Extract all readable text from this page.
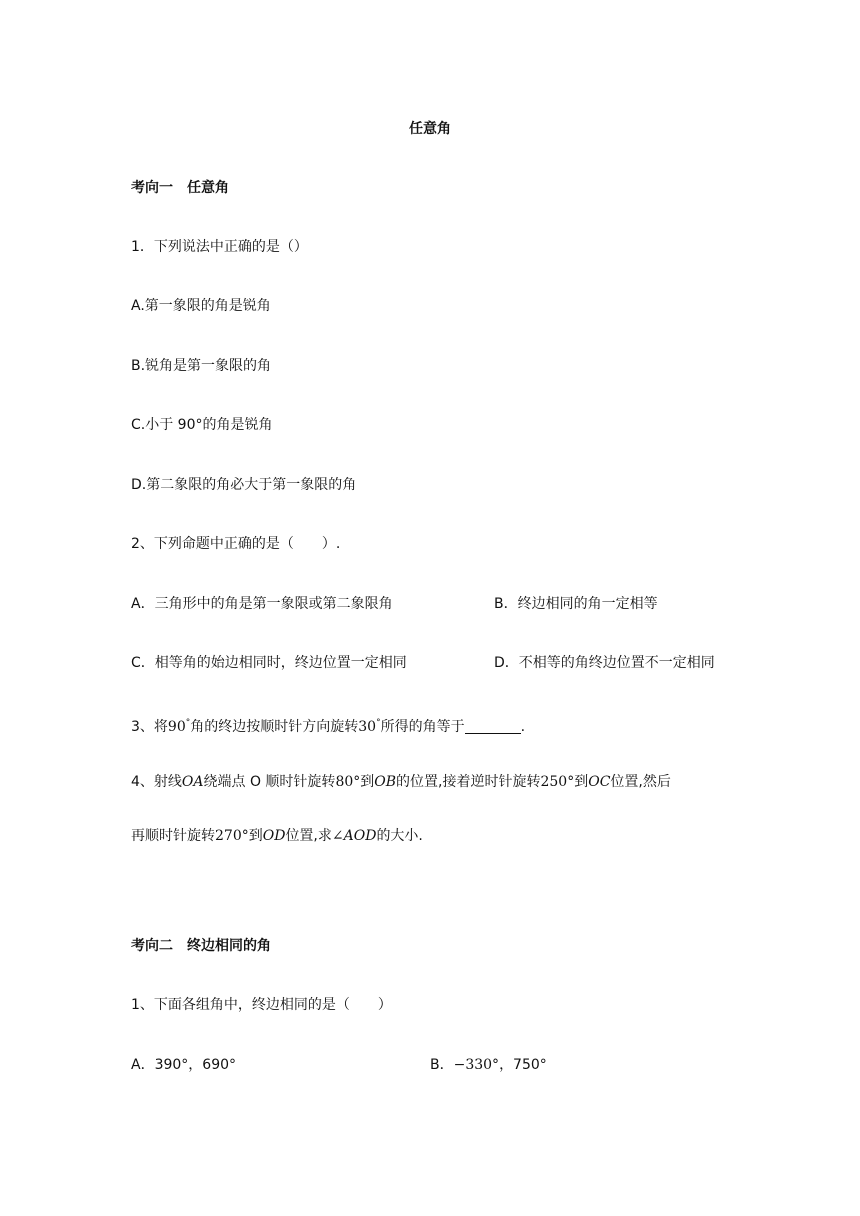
任意角
考向一　任意角
1．下列说法中正确的是（）
A.第一象限的角是锐角
B.锐角是第一象限的角
C.小于 90°的角是锐角
D.第二象限的角必大于第一象限的角
2、下列命题中正确的是（　　）.
A．三角形中的角是第一象限或第二象限角	B．终边相同的角一定相等
C．相等角的始边相同时，终边位置一定相同	D．不相等的角终边位置不一定相同
3、将90°角的终边按顺时针方向旋转30°所得的角等于	.
4、射线OA绕端点 O 顺时针旋转80°到OB的位置,接着逆时针旋转250°到OC位置,然后
再顺时针旋转270°到OD位置,求∠AOD的大小.
考向二　终边相同的角
1、下面各组角中，终边相同的是（　　）
A．390°，690°	B．−330°，750°
